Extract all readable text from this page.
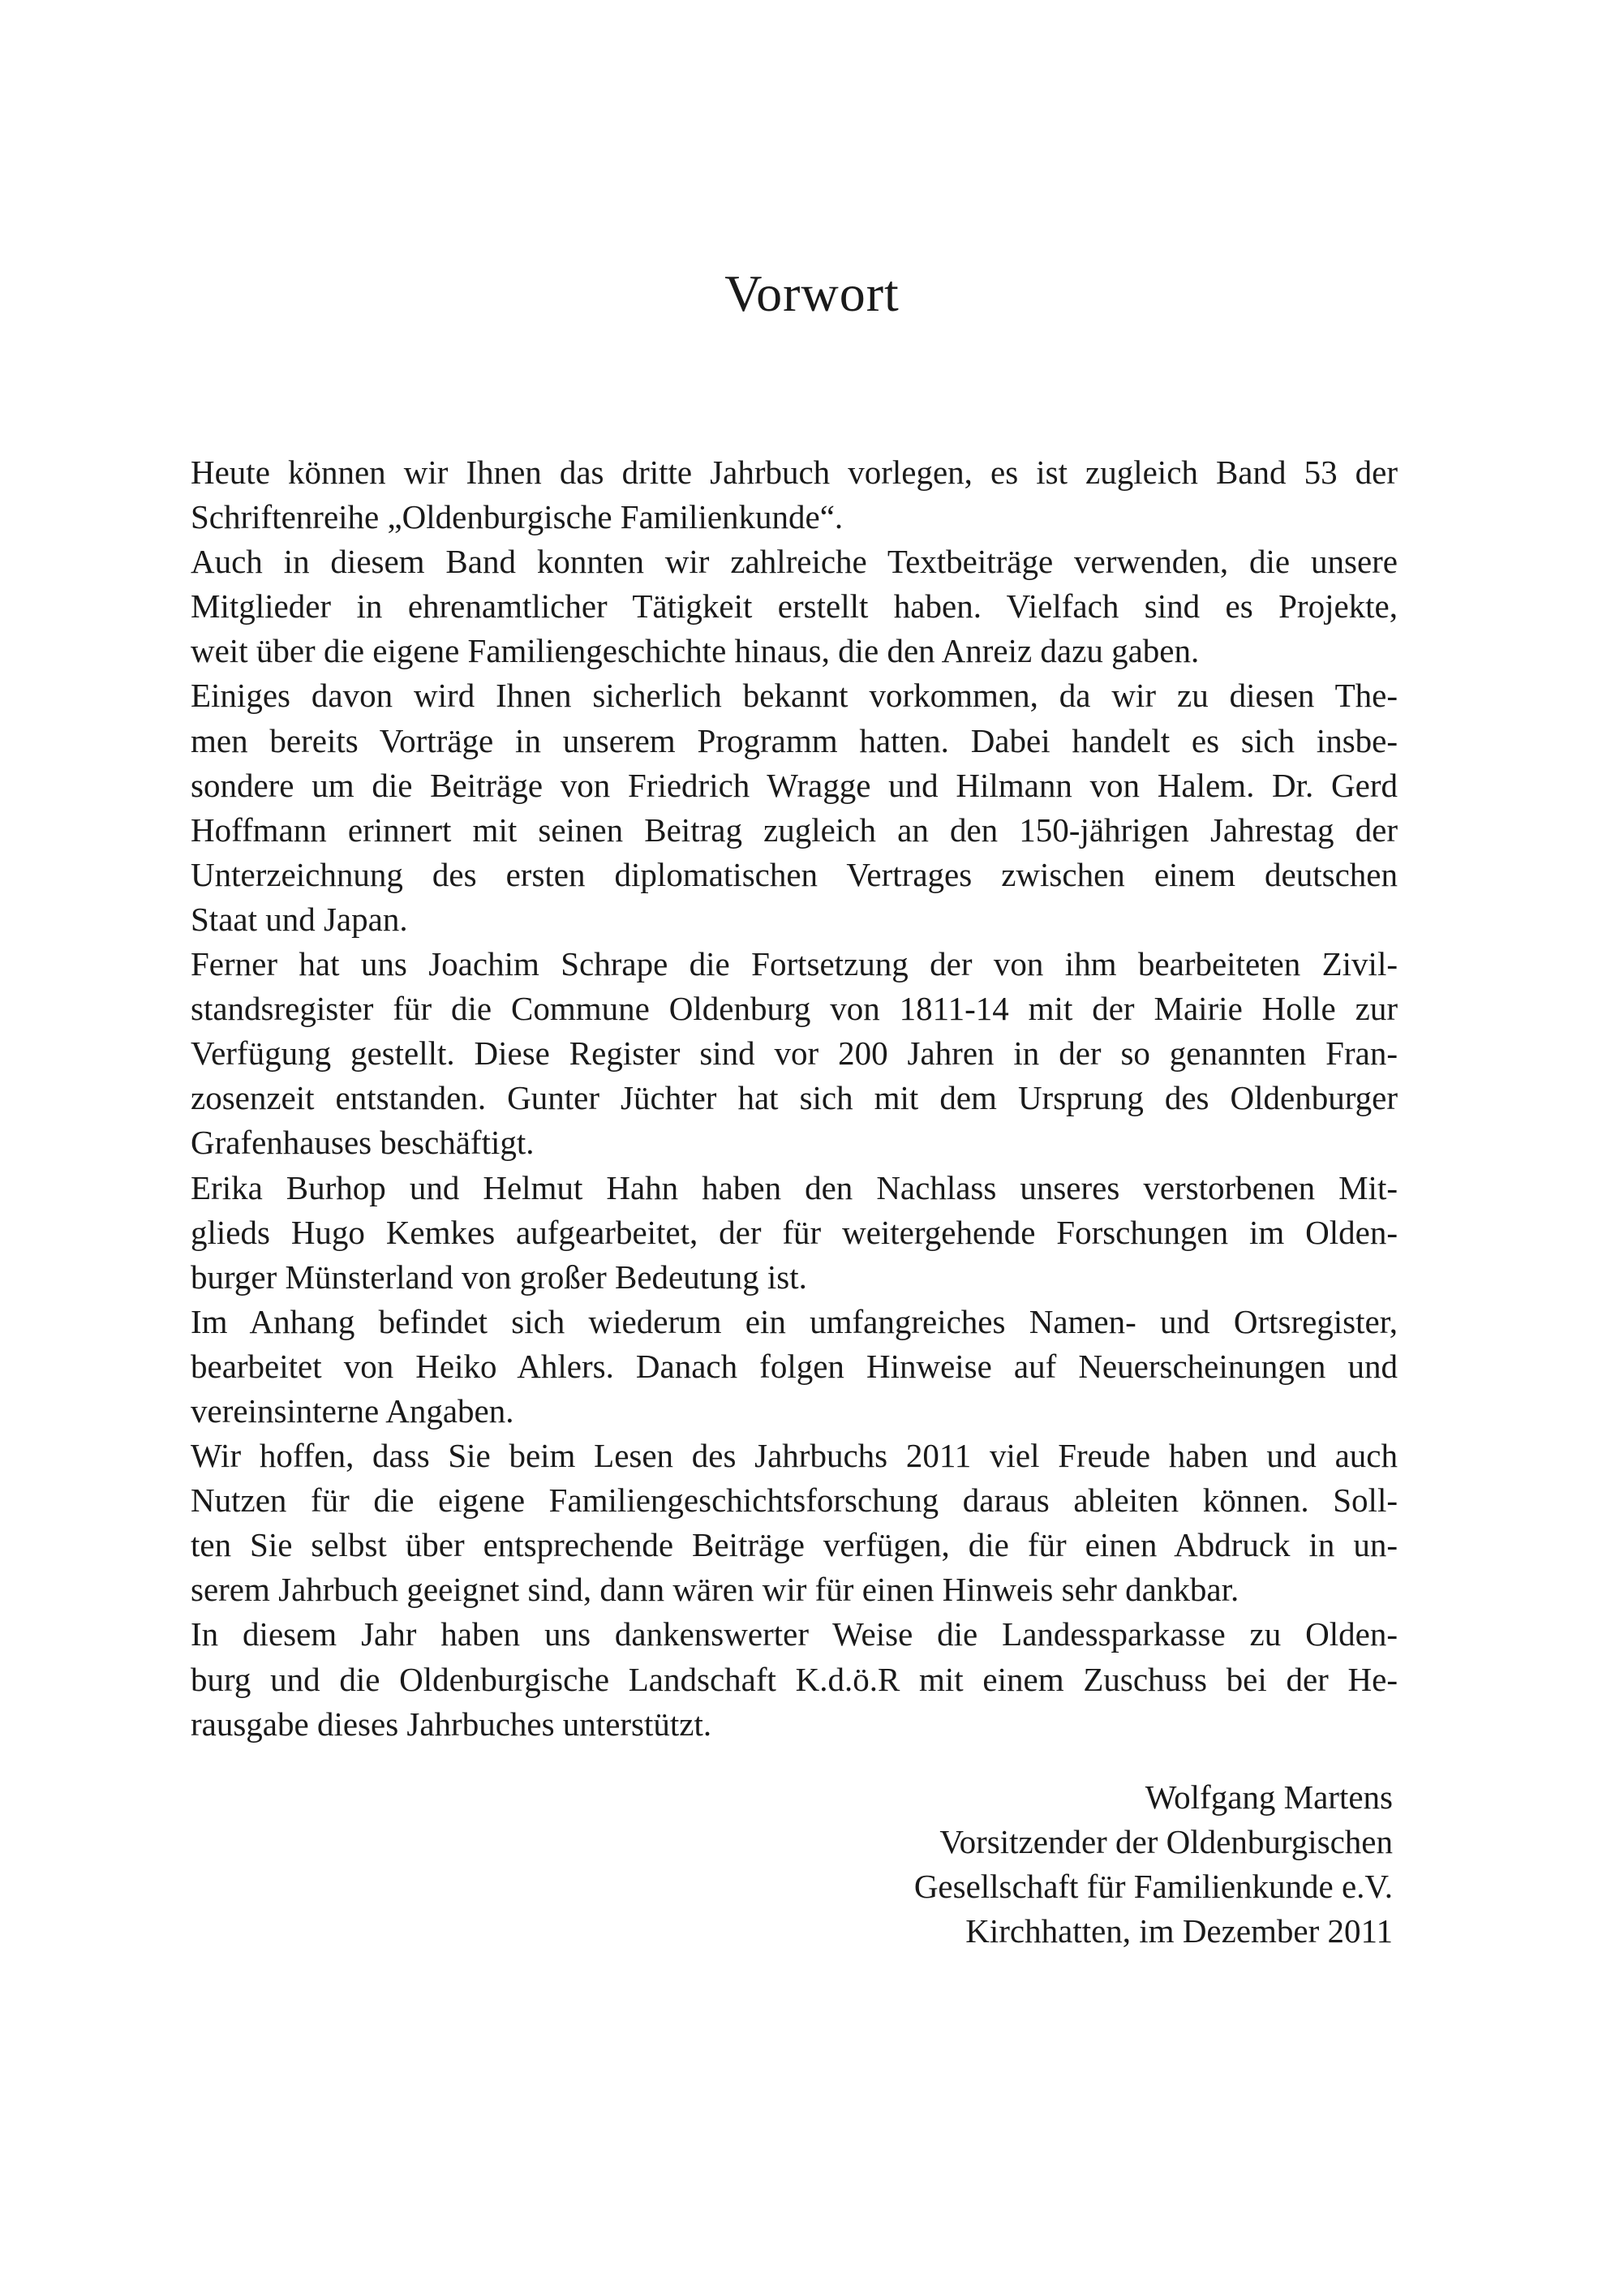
Vorwort
Heute können wir Ihnen das dritte Jahrbuch vorlegen, es ist zugleich Band 53 der
Schriftenreihe „Oldenburgische Familienkunde“.
Auch in diesem Band konnten wir zahlreiche Textbeiträge verwenden, die unsere
Mitglieder in ehrenamtlicher Tätigkeit erstellt haben. Vielfach sind es Projekte,
weit über die eigene Familiengeschichte hinaus, die den Anreiz dazu gaben.
Einiges davon wird Ihnen sicherlich bekannt vorkommen, da wir zu diesen The-
men bereits Vorträge in unserem Programm hatten. Dabei handelt es sich insbe-
sondere um die Beiträge von Friedrich Wragge und Hilmann von Halem. Dr. Gerd
Hoffmann erinnert mit seinen Beitrag zugleich an den 150-jährigen Jahrestag der
Unterzeichnung des ersten diplomatischen Vertrages zwischen einem deutschen
Staat und Japan.
Ferner hat uns Joachim Schrape die Fortsetzung der von ihm bearbeiteten Zivil-
standsregister für die Commune Oldenburg von 1811-14 mit der Mairie Holle zur
Verfügung gestellt. Diese Register sind vor 200 Jahren in der so genannten Fran-
zosenzeit entstanden. Gunter Jüchter hat sich mit dem Ursprung des Oldenburger
Grafenhauses beschäftigt.
Erika Burhop und Helmut Hahn haben den Nachlass unseres verstorbenen Mit-
glieds Hugo Kemkes aufgearbeitet, der für weitergehende Forschungen im Olden-
burger Münsterland von großer Bedeutung ist.
Im Anhang befindet sich wiederum ein umfangreiches Namen- und Ortsregister,
bearbeitet von Heiko Ahlers. Danach folgen Hinweise auf Neuerscheinungen und
vereinsinterne Angaben.
Wir hoffen, dass Sie beim Lesen des Jahrbuchs 2011 viel Freude haben und auch
Nutzen für die eigene Familiengeschichtsforschung daraus ableiten können. Soll-
ten Sie selbst über entsprechende Beiträge verfügen, die für einen Abdruck in un-
serem Jahrbuch geeignet sind, dann wären wir für einen Hinweis sehr dankbar.
In diesem Jahr haben uns dankenswerter Weise die Landessparkasse zu Olden-
burg und die Oldenburgische Landschaft K.d.ö.R mit einem Zuschuss bei der He-
rausgabe dieses Jahrbuches unterstützt.
Wolfgang Martens
Vorsitzender der Oldenburgischen
Gesellschaft für Familienkunde e.V.
Kirchhatten, im Dezember 2011
